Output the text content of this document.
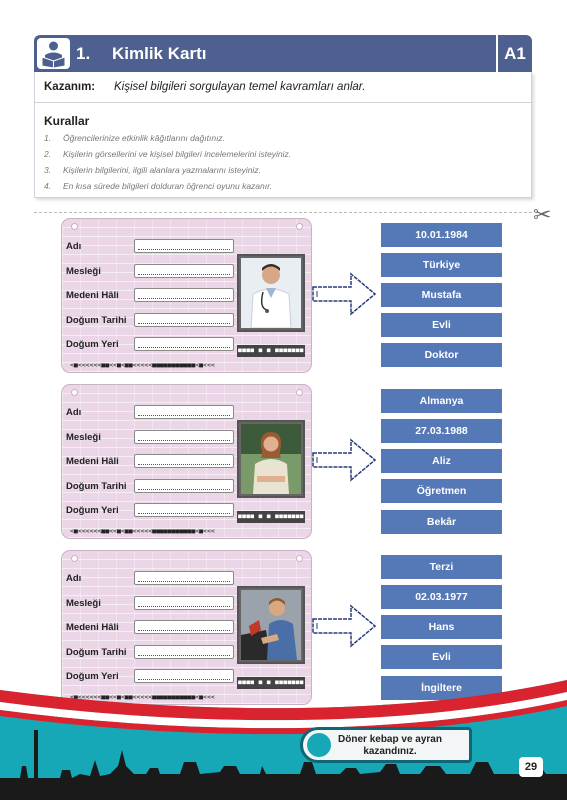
1. Kimlik Kartı	A1
Kazanım: Kişisel bilgileri sorgulayan temel kavramları anlar.
Kurallar
1. Öğrencilerinize etkinlik kâğıtlarını dağıtınız.
2. Kişilerin görsellerini ve kişisel bilgileri incelemelerini isteyiniz.
3. Kişilerin bilgilerini, ilgili alanlara yazmalarını isteyiniz.
4. En kısa sürede bilgileri dolduran öğrenci oyunu kazanır.
✂
Adı
Mesleği
Medeni Hâli
Doğum Tarihi
Doğum Yeri
■■■■ ■ ■ ■■■■■■■
<■<<<<<<■■<<■<■■<<<<<■■■■■■■■■■■<■<<<
Adı
Mesleği
Medeni Hâli
Doğum Tarihi
Doğum Yeri
■■■■ ■ ■ ■■■■■■■
<■<<<<<<■■<<■<■■<<<<<■■■■■■■■■■■<■<<<
Adı
Mesleği
Medeni Hâli
Doğum Tarihi
Doğum Yeri
■■■■ ■ ■ ■■■■■■■
<■<<<<<<■■<<■<■■<<<<<■■■■■■■■■■■<■<<<
10.01.1984
Türkiye
Mustafa
Evli
Doktor
Almanya
27.03.1988
Aliz
Öğretmen
Bekâr
Terzi
02.03.1977
Hans
Evli
İngiltere
Döner kebap ve ayran
kazandınız.
29
